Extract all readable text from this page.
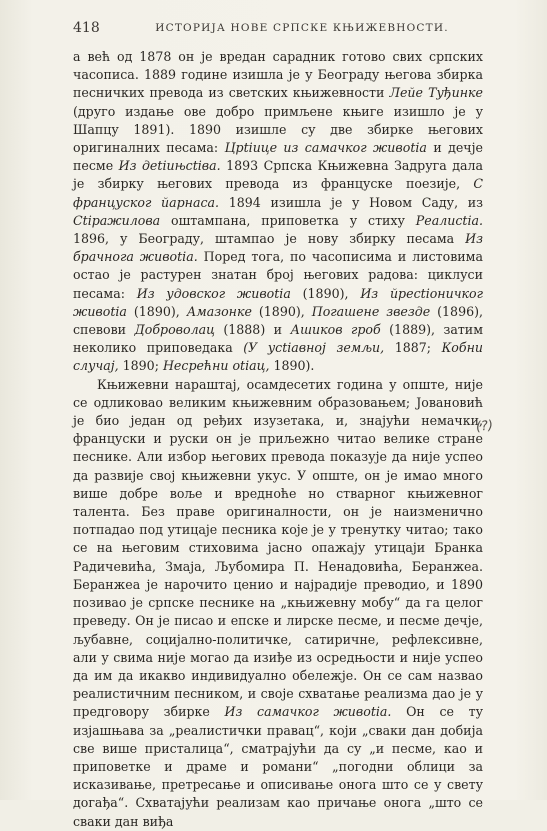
418	ИСТОРИЈА НОВЕ СРПСКЕ КЊИЖЕВНОСТИ.

а већ од 1878 он је вредан сарадник готово свих српских часописа. 1889 године изишла је у Београду његова збирка песничких превода из светских књижевности Лейе Туђинке (друго издање ове добро примљене књиге изишло је у Шапцу 1891). 1890 изишле су две збирке његових оригиналних песама: Црtiице из самачког живоtiа и дечје песме Из деtiињсtiва. 1893 Српска Књижевна Задруга дала је збирку његових превода из француске поезије, С француског йарнаса. 1894 изишла је у Новом Саду, из Сtiражилова оштампана, приповетка у стиху Реалисtiа. 1896, у Београду, штампао је нову збирку песама Из брачнога живоtiа. Поред тога, по часописима и листовима остао је растурен знатан број његових радова: циклуси песама: Из удовског живоtiа (1890), Из йресtiоничког живоtiа (1890), Амазонке (1890), Погашене звезде (1896), спевови Доброволац (1888) и Ашиков гроб (1889), затим неколико приповедака (У усtiавној земљи, 1887; Кобни случај, 1890; Несрећни оtiац, 1890).

Књижевни нараштај, осамдесетих година у опште, није се одликовао великим књижевним образовањем; Јовановић је био један од ређих изузетака, и, знајући немачки, француски и руски он је приљежно читао велике стране песнике. Али избор његових превода показује да није успео да развије свој књижевни укус. У опште, он је имао много више добре воље и вредноће но стварног књижевног талента. Без праве оригиналности, он је наизменично потпадао под утицаје песника које је у тренутку читао; тако се на његовим стиховима јасно опажају утицаји Бранка Радичевића, Змаја, Љубомира П. Ненадовића, Беранжеа. Беранжеа је нарочито ценио и најрадије преводио, и 1890 позивао је српске песнике на „књижевну мобу“ да га целог преведу. Он је писао и епске и лирске песме, и песме дечје, љубавне, социјално-политичке, сатиричне, рефлексивне, али у свима није могао да изиђе из осредњости и није успео да им да икакво индивидуално обележје. Он се сам назвао реалистичним песником, и своје схватање реализма дао је у предговору збирке Из самачког живоtiа. Он се ту изјашњава за „реалистички правац“, који „сваки дан добија све више присталица“, сматрајући да су „и песме, као и приповетке и драме и романи“ „погодни облици за исказивање, претресање и описивање онога што се у свету догађа“. Схватајући реализам као причање онога „што се сваки дан виђа

(?)
